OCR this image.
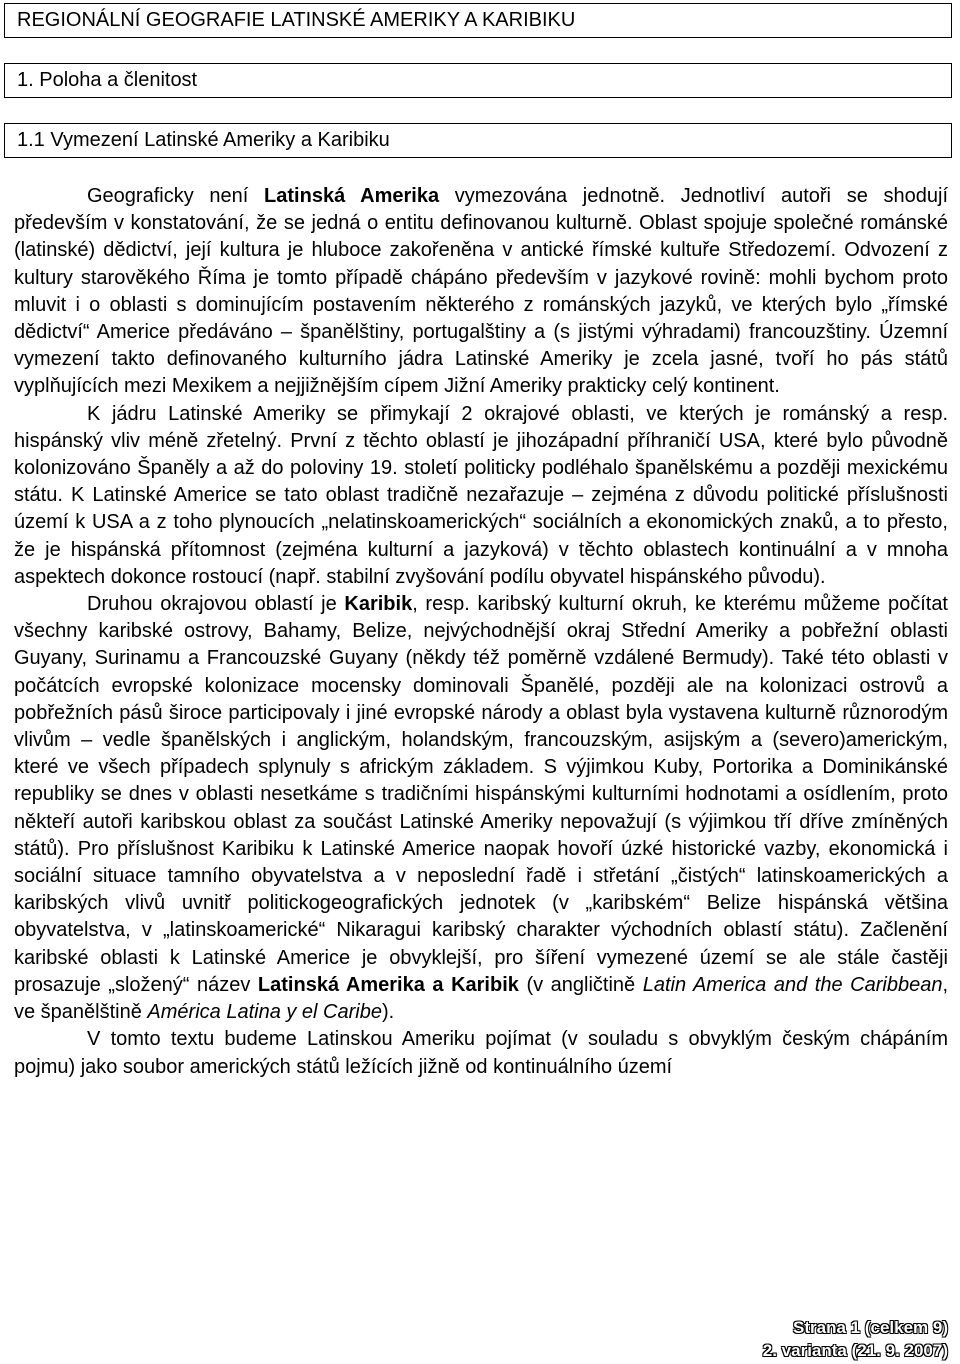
REGIONÁLNÍ GEOGRAFIE LATINSKÉ AMERIKY A KARIBIKU
1. Poloha a členitost
1.1 Vymezení Latinské Ameriky a Karibiku

Geograficky není Latinská Amerika vymezována jednotně. Jednotliví autoři se shodují především v konstatování, že se jedná o entitu definovanou kulturně. Oblast spojuje společné románské (latinské) dědictví, její kultura je hluboce zakořeněna v antické římské kultuře Středozemí. Odvození z kultury starověkého Říma je tomto případě chápáno především v jazykové rovině: mohli bychom proto mluvit i o oblasti s dominujícím postavením některého z románských jazyků, ve kterých bylo „římské dědictví“ Americe předáváno – španělštiny, portugalštiny a (s jistými výhradami) francouzštiny. Územní vymezení takto definovaného kulturního jádra Latinské Ameriky je zcela jasné, tvoří ho pás států vyplňujících mezi Mexikem a nejjižnějším cípem Jižní Ameriky prakticky celý kontinent.

K jádru Latinské Ameriky se přimykají 2 okrajové oblasti, ve kterých je románský a resp. hispánský vliv méně zřetelný. První z těchto oblastí je jihozápadní příhraničí USA, které bylo původně kolonizováno Španěly a až do poloviny 19. století politicky podléhalo španělskému a později mexickému státu. K Latinské Americe se tato oblast tradičně nezařazuje – zejména z důvodu politické příslušnosti území k USA a z toho plynoucích „nelatinskoamerických“ sociálních a ekonomických znaků, a to přesto, že je hispánská přítomnost (zejména kulturní a jazyková) v těchto oblastech kontinuální a v mnoha aspektech dokonce rostoucí (např. stabilní zvyšování podílu obyvatel hispánského původu).

Druhou okrajovou oblastí je Karibik, resp. karibský kulturní okruh, ke kterému můžeme počítat všechny karibské ostrovy, Bahamy, Belize, nejvýchodnější okraj Střední Ameriky a pobřežní oblasti Guyany, Surinamu a Francouzské Guyany (někdy též poměrně vzdálené Bermudy). Také této oblasti v počátcích evropské kolonizace mocensky dominovali Španělé, později ale na kolonizaci ostrovů a pobřežních pásů široce participovaly i jiné evropské národy a oblast byla vystavena kulturně různorodým vlivům – vedle španělských i anglickým, holandským, francouzským, asijským a (severo)americkým, které ve všech případech splynuly s africkým základem. S výjimkou Kuby, Portorika a Dominikánské republiky se dnes v oblasti nesetkáme s tradičními hispánskými kulturními hodnotami a osídlením, proto někteří autoři karibskou oblast za součást Latinské Ameriky nepovažují (s výjimkou tří dříve zmíněných států). Pro příslušnost Karibiku k Latinské Americe naopak hovoří úzké historické vazby, ekonomická i sociální situace tamního obyvatelstva a v neposlední řadě i střetání „čistých“ latinskoamerických a karibských vlivů uvnitř politickogeografických jednotek (v „karibském“ Belize hispánská většina obyvatelstva, v „latinskoamerické“ Nikaragui karibský charakter východních oblastí státu). Začlenění karibské oblasti k Latinské Americe je obvyklejší, pro šíření vymezené území se ale stále častěji prosazuje „složený“ název Latinská Amerika a Karibik (v angličtině Latin America and the Caribbean, ve španělštině América Latina y el Caribe).

V tomto textu budeme Latinskou Ameriku pojímat (v souladu s obvyklým českým chápáním pojmu) jako soubor amerických států ležících jižně od kontinuálního území

Strana 1 (celkem 9)
2. varianta (21. 9. 2007)
